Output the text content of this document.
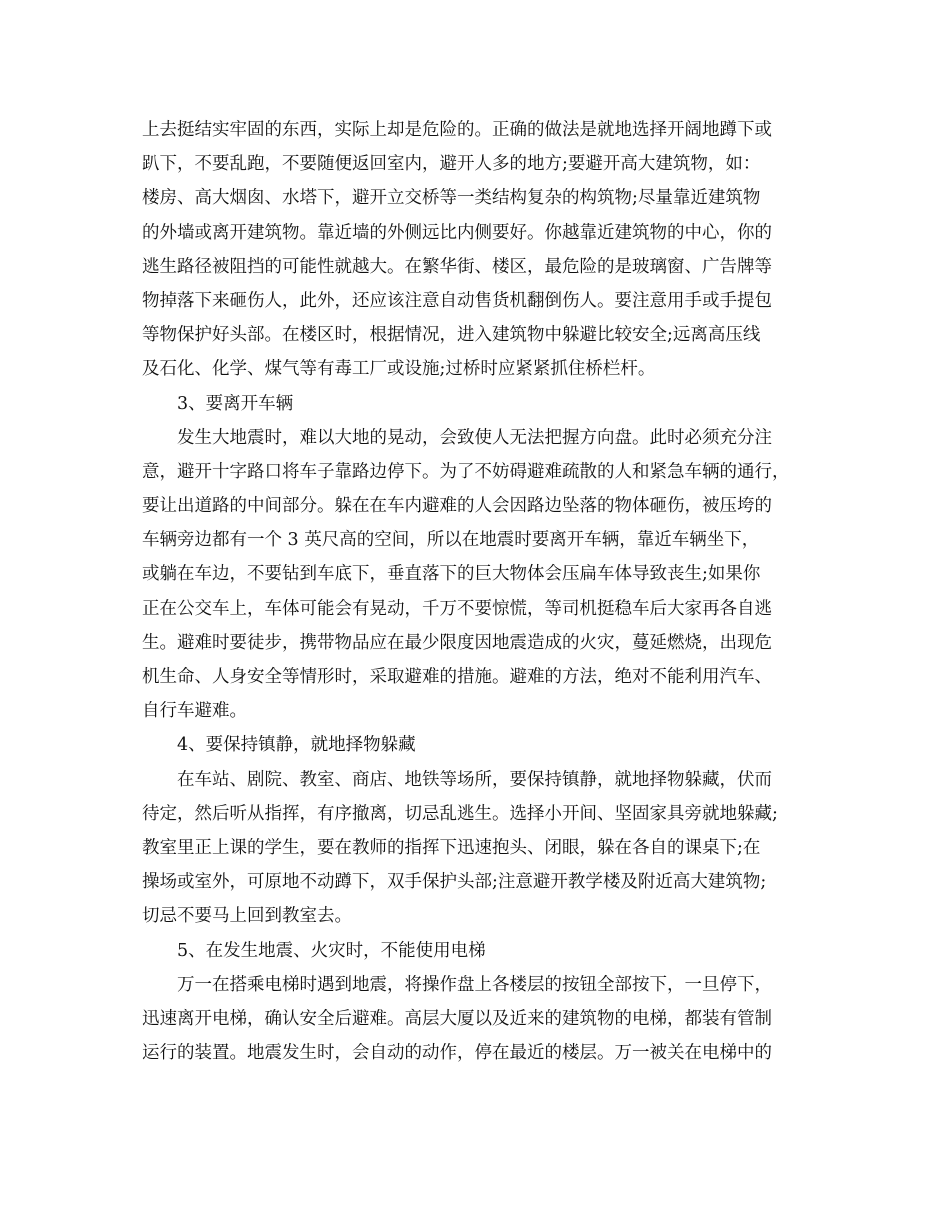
上去挺结实牢固的东西，实际上却是危险的。正确的做法是就地选择开阔地蹲下或
趴下，不要乱跑，不要随便返回室内，避开人多的地方;要避开高大建筑物，如：
楼房、高大烟囱、水塔下，避开立交桥等一类结构复杂的构筑物;尽量靠近建筑物
的外墙或离开建筑物。靠近墙的外侧远比内侧要好。你越靠近建筑物的中心，你的
逃生路径被阻挡的可能性就越大。在繁华街、楼区，最危险的是玻璃窗、广告牌等
物掉落下来砸伤人，此外，还应该注意自动售货机翻倒伤人。要注意用手或手提包
等物保护好头部。在楼区时，根据情况，进入建筑物中躲避比较安全;远离高压线
及石化、化学、煤气等有毒工厂或设施;过桥时应紧紧抓住桥栏杆。
3、要离开车辆
发生大地震时，难以大地的晃动，会致使人无法把握方向盘。此时必须充分注
意，避开十字路口将车子靠路边停下。为了不妨碍避难疏散的人和紧急车辆的通行，
要让出道路的中间部分。躲在在车内避难的人会因路边坠落的物体砸伤，被压垮的
车辆旁边都有一个 3 英尺高的空间，所以在地震时要离开车辆，靠近车辆坐下，
或躺在车边，不要钻到车底下，垂直落下的巨大物体会压扁车体导致丧生;如果你
正在公交车上，车体可能会有晃动，千万不要惊慌，等司机挺稳车后大家再各自逃
生。避难时要徒步，携带物品应在最少限度因地震造成的火灾，蔓延燃烧，出现危
机生命、人身安全等情形时，采取避难的措施。避难的方法，绝对不能利用汽车、
自行车避难。
4、要保持镇静，就地择物躲藏
在车站、剧院、教室、商店、地铁等场所，要保持镇静，就地择物躲藏，伏而
待定，然后听从指挥，有序撤离，切忌乱逃生。选择小开间、坚固家具旁就地躲藏;
教室里正上课的学生，要在教师的指挥下迅速抱头、闭眼，躲在各自的课桌下;在
操场或室外，可原地不动蹲下，双手保护头部;注意避开教学楼及附近高大建筑物;
切忌不要马上回到教室去。
5、在发生地震、火灾时，不能使用电梯
万一在搭乘电梯时遇到地震，将操作盘上各楼层的按钮全部按下，一旦停下，
迅速离开电梯，确认安全后避难。高层大厦以及近来的建筑物的电梯，都装有管制
运行的装置。地震发生时，会自动的动作，停在最近的楼层。万一被关在电梯中的
